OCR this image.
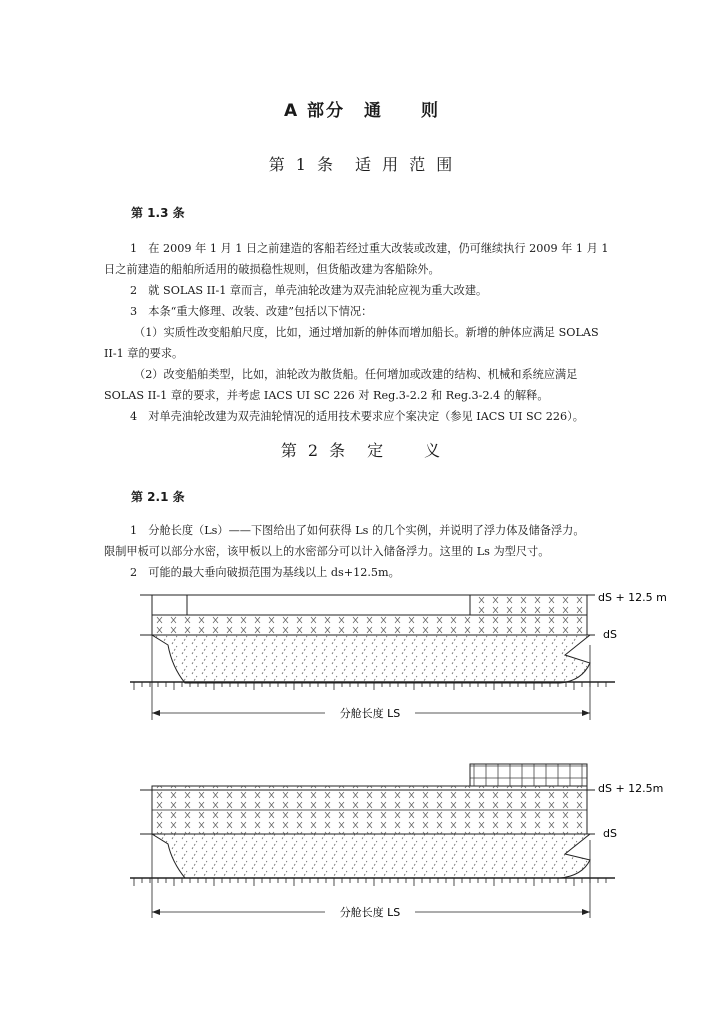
A 部分　通　　则
第 1 条　适 用 范 围
第 1.3 条

1　在 2009 年 1 月 1 日之前建造的客船若经过重大改装或改建，仍可继续执行 2009 年 1 月 1

日之前建造的船舶所适用的破损稳性规则，但货船改建为客船除外。

2　就 SOLAS II-1 章而言，单壳油轮改建为双壳油轮应视为重大改建。

3　本条“重大修理、改装、改建”包括以下情况：

（1）实质性改变船舶尺度，比如，通过增加新的舯体而增加船长。新增的舯体应满足 SOLAS

II-1 章的要求。

（2）改变船舶类型，比如，油轮改为散货船。任何增加或改建的结构、机械和系统应满足

SOLAS II-1 章的要求，并考虑 IACS UI SC 226 对 Reg.3-2.2 和 Reg.3-2.4 的解释。

4　对单壳油轮改建为双壳油轮情况的适用技术要求应个案决定（参见 IACS UI SC 226）。

第 2 条　定　　义
第 2.1 条

1　分舱长度（Ls）——下图给出了如何获得 Ls 的几个实例，并说明了浮力体及储备浮力。

限制甲板可以部分水密，该甲板以上的水密部分可以计入储备浮力。这里的 Ls 为型尺寸。

2　可能的最大垂向破损范围为基线以上 ds+12.5m。

dS + 12.5 m
dS
分舱长度 LS
dS + 12.5m
dS
分舱长度 LS
